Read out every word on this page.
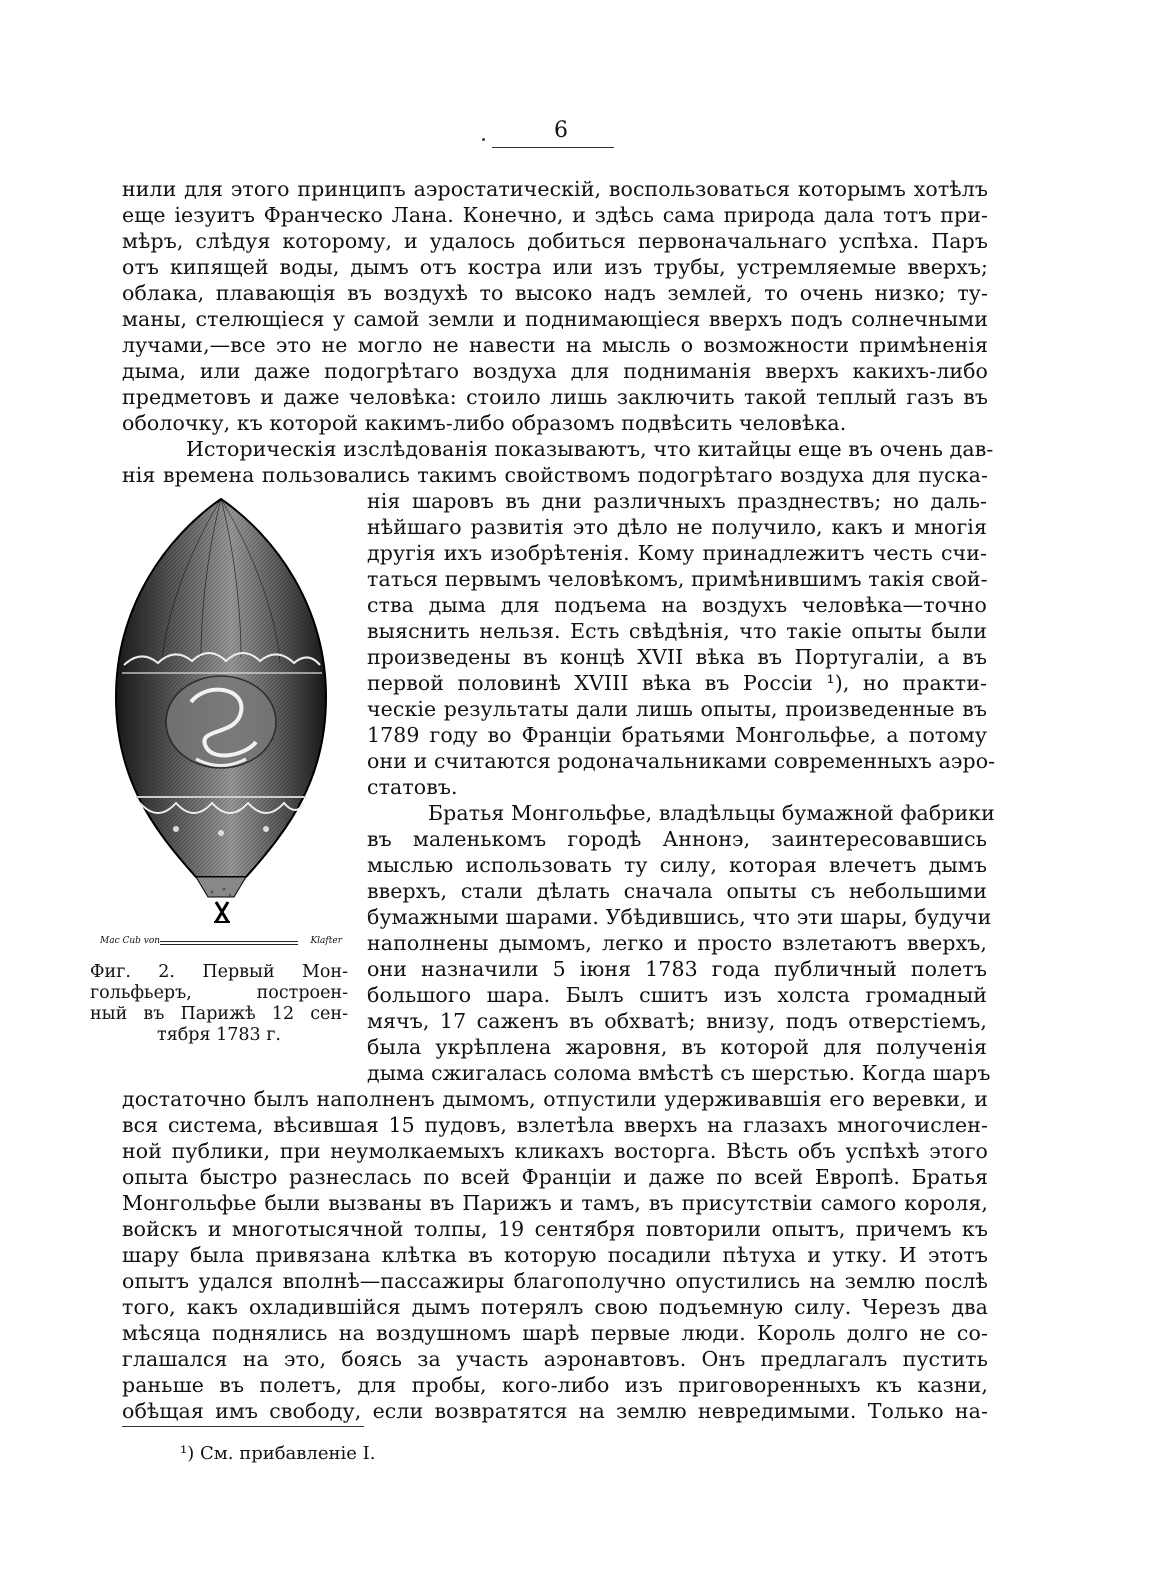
6
нили для этого принципъ аэростатическій, воспользоваться которымъ хотѣлъ
еще іезуитъ Франческо Лана. Конечно, и здѣсь сама природа дала тотъ при-
мѣръ, слѣдуя которому, и удалось добиться первоначальнаго успѣха. Паръ
отъ кипящей воды, дымъ отъ костра или изъ трубы, устремляемые вверхъ;
облака, плавающія въ воздухѣ то высоко надъ землей, то очень низко; ту-
маны, стелющіеся у самой земли и поднимающіеся вверхъ подъ солнечными
лучами,—все это не могло не навести на мысль о возможности примѣненія
дыма, или даже подогрѣтаго воздуха для подниманія вверхъ какихъ-либо
предметовъ и даже человѣка: стоило лишь заключить такой теплый газъ въ
оболочку, къ которой какимъ-либо образомъ подвѣсить человѣка.
Историческія изслѣдованія показываютъ, что китайцы еще въ очень дав-
нія времена пользовались такимъ свойствомъ подогрѣтаго воздуха для пуска-
нія шаровъ въ дни различныхъ празднествъ; но даль-
нѣйшаго развитія это дѣло не получило, какъ и многія
другія ихъ изобрѣтенія. Кому принадлежитъ честь счи-
таться первымъ человѣкомъ, примѣнившимъ такія свой-
ства дыма для подъема на воздухъ человѣка—точно
выяснить нельзя. Есть свѣдѣнія, что такіе опыты были
произведены въ концѣ XVII вѣка въ Португаліи, а въ
первой половинѣ XVIII вѣка въ Россіи ¹), но практи-
ческіе результаты дали лишь опыты, произведенные въ
1789 году во Франціи братьями Монгольфье, а потому
они и считаются родоначальниками современныхъ аэро-
статовъ.
Братья Монгольфье, владѣльцы бумажной фабрики
въ маленькомъ городѣ Аннонэ, заинтересовавшись
мыслью использовать ту силу, которая влечетъ дымъ
вверхъ, стали дѣлать сначала опыты съ небольшими
бумажными шарами. Убѣдившись, что эти шары, будучи
наполнены дымомъ, легко и просто взлетаютъ вверхъ,
они назначили 5 іюня 1783 года публичный полетъ
большого шара. Былъ сшитъ изъ холста громадный
мячъ, 17 саженъ въ обхватѣ; внизу, подъ отверстіемъ,
была укрѣплена жаровня, въ которой для полученія
дыма сжигалась солома вмѣстѣ съ шерстью. Когда шаръ
достаточно былъ наполненъ дымомъ, отпустили удерживавшія его веревки, и
вся система, вѣсившая 15 пудовъ, взлетѣла вверхъ на глазахъ многочислен-
ной публики, при неумолкаемыхъ кликахъ восторга. Вѣсть объ успѣхѣ этого
опыта быстро разнеслась по всей Франціи и даже по всей Европѣ. Братья
Монгольфье были вызваны въ Парижъ и тамъ, въ присутствіи самого короля,
войскъ и многотысячной толпы, 19 сентября повторили опытъ, причемъ къ
шару была привязана клѣтка въ которую посадили пѣтуха и утку. И этотъ
опытъ удался вполнѣ—пассажиры благополучно опустились на землю послѣ
того, какъ охладившійся дымъ потерялъ свою подъемную силу. Черезъ два
мѣсяца поднялись на воздушномъ шарѣ первые люди. Король долго не со-
глашался на это, боясь за участь аэронавтовъ. Онъ предлагалъ пустить
раньше въ полетъ, для пробы, кого-либо изъ приговоренныхъ къ казни,
обѣщая имъ свободу, если возвратятся на землю невредимыми. Только на-
Mac Cub von	Klafter
Фиг. 2. Первый Мон-
гольфьеръ, построен-
ный въ Парижѣ 12 сен-
тября 1783 г.
¹) См. прибавленіе I.
